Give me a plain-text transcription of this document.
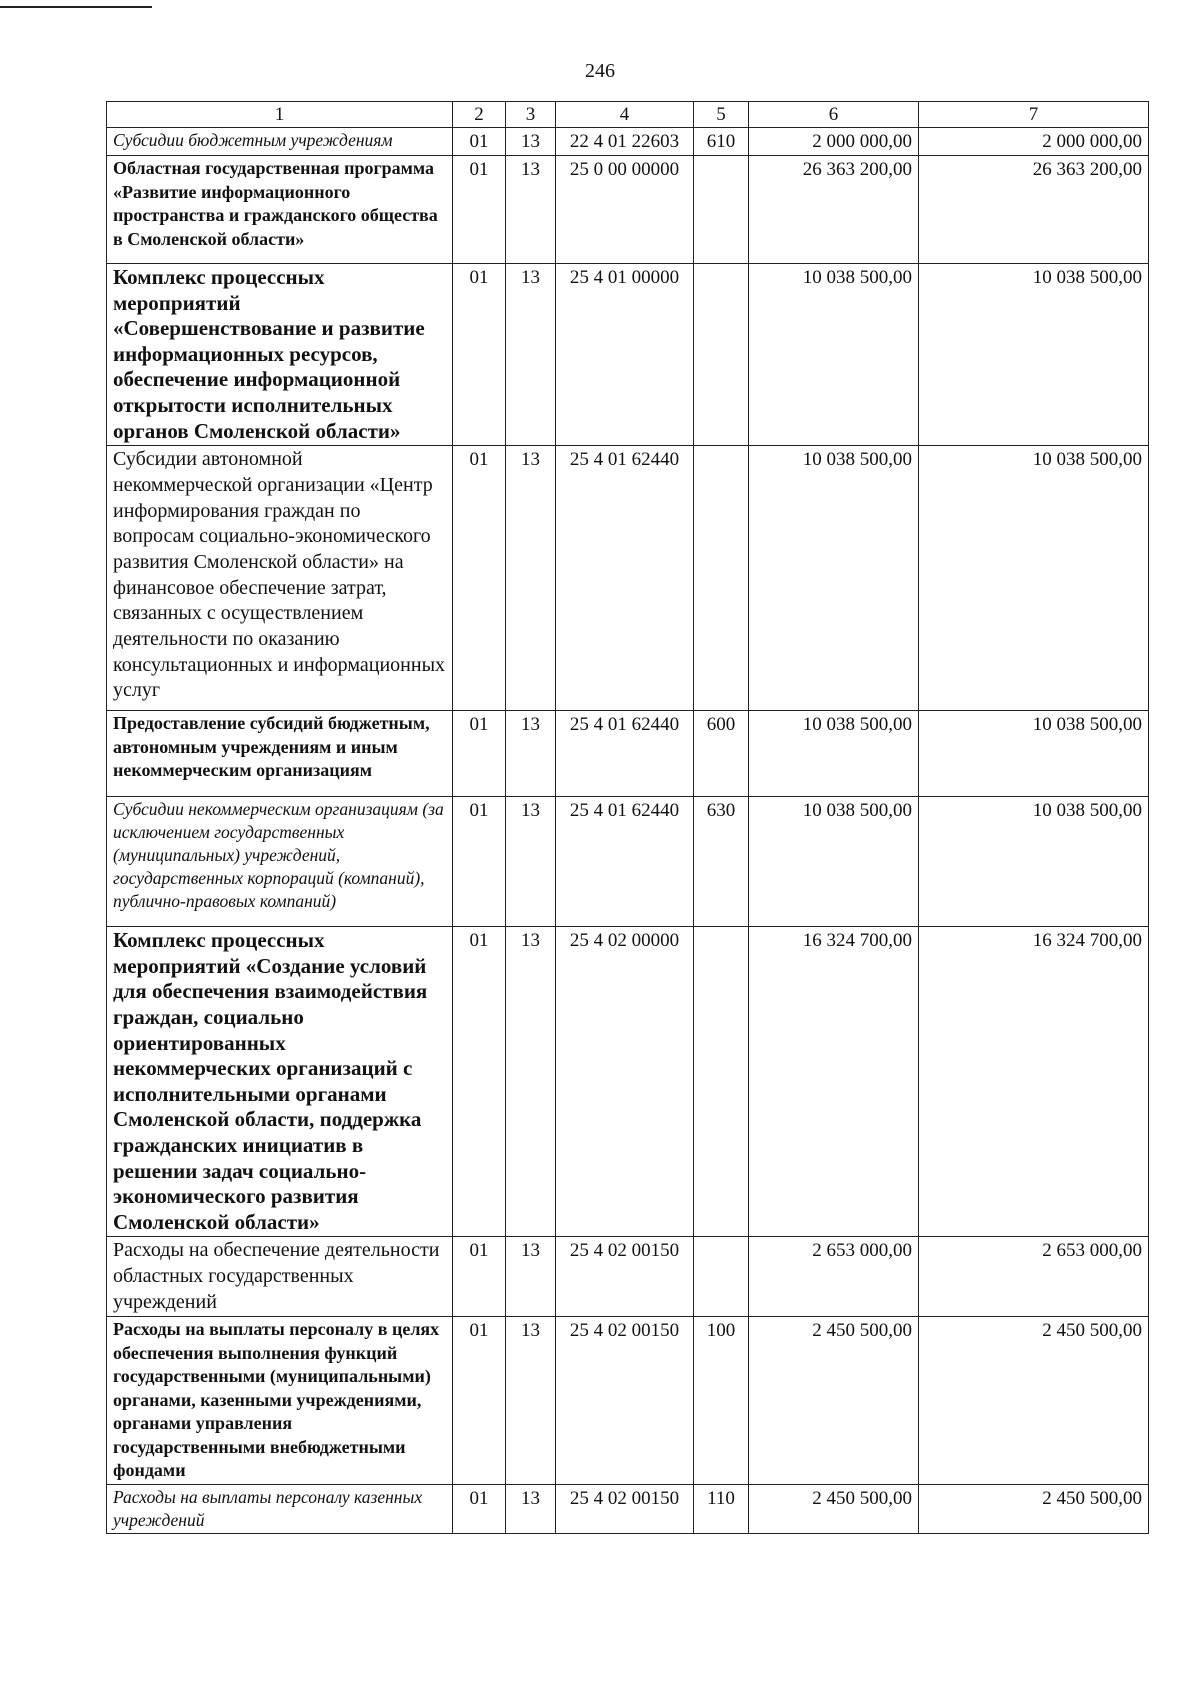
246
1	2	3	4	5	6	7
Субсидии бюджетным учреждениям	01	13	22 4 01 22603	610	2 000 000,00	2 000 000,00
Областная государственная программа «Развитие информационного пространства и гражданского общества в Смоленской области»	01	13	25 0 00 00000		26 363 200,00	26 363 200,00
Комплекс процессных мероприятий «Совершенствование и развитие информационных ресурсов, обеспечение информационной открытости исполнительных органов Смоленской области»	01	13	25 4 01 00000		10 038 500,00	10 038 500,00
Субсидии автономной некоммерческой организации «Центр информирования граждан по вопросам социально-экономического развития Смоленской области» на финансовое обеспечение затрат, связанных с осуществлением деятельности по оказанию консультационных и информационных услуг	01	13	25 4 01 62440		10 038 500,00	10 038 500,00
Предоставление субсидий бюджетным, автономным учреждениям и иным некоммерческим организациям	01	13	25 4 01 62440	600	10 038 500,00	10 038 500,00
Субсидии некоммерческим организациям (за исключением государственных (муниципальных) учреждений, государственных корпораций (компаний), публично-правовых компаний)	01	13	25 4 01 62440	630	10 038 500,00	10 038 500,00
Комплекс процессных мероприятий «Создание условий для обеспечения взаимодействия граждан, социально ориентированных некоммерческих организаций с исполнительными органами Смоленской области, поддержка гражданских инициатив в решении задач социально-экономического развития Смоленской области»	01	13	25 4 02 00000		16 324 700,00	16 324 700,00
Расходы на обеспечение деятельности областных государственных учреждений	01	13	25 4 02 00150		2 653 000,00	2 653 000,00
Расходы на выплаты персоналу в целях обеспечения выполнения функций государственными (муниципальными) органами, казенными учреждениями, органами управления государственными внебюджетными фондами	01	13	25 4 02 00150	100	2 450 500,00	2 450 500,00
Расходы на выплаты персоналу казенных учреждений	01	13	25 4 02 00150	110	2 450 500,00	2 450 500,00
